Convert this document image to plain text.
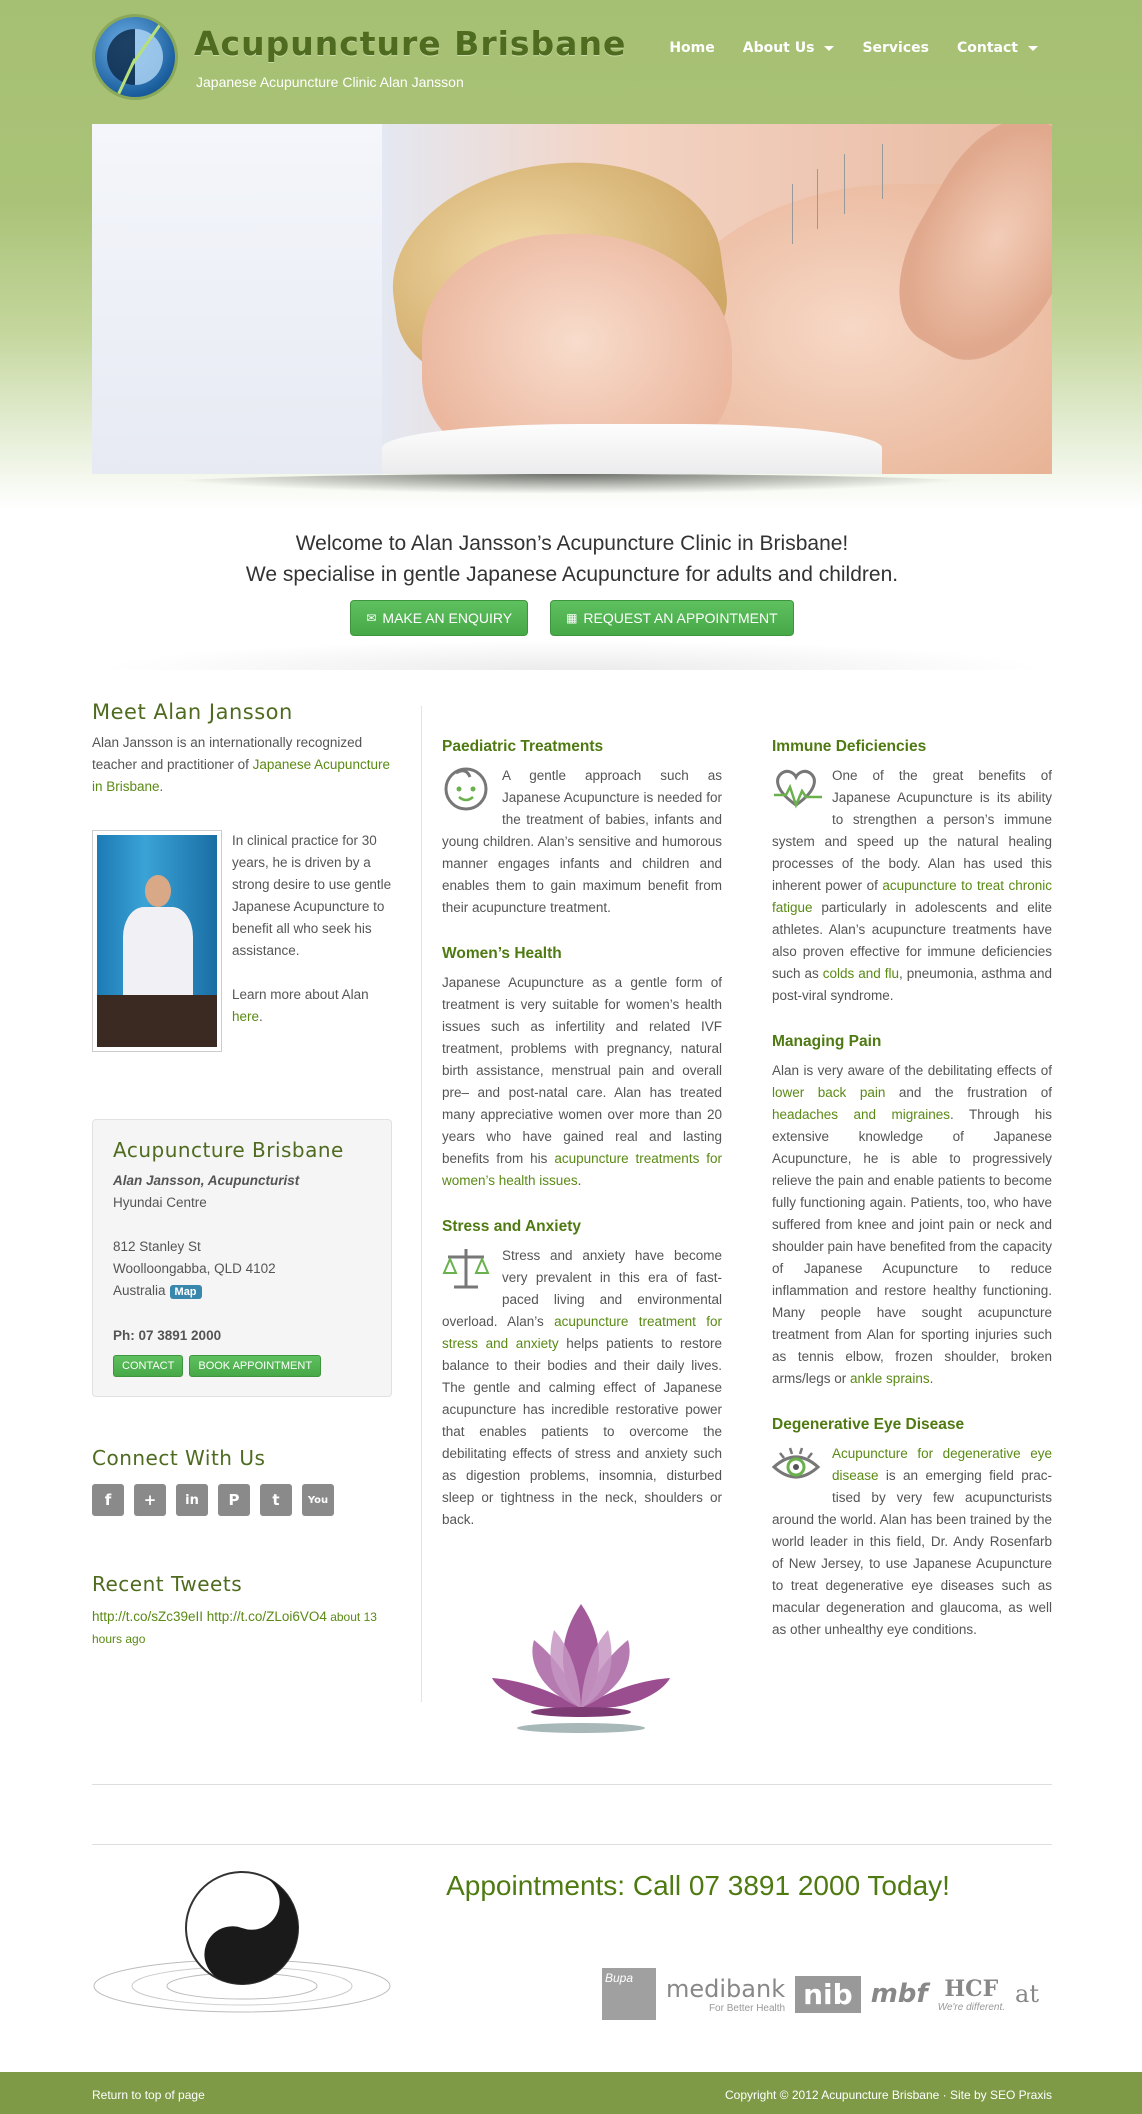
Acupuncture Brisbane
Japanese Acupuncture Clinic Alan Jansson
Home About Us	Services Contact
Welcome to Alan Jansson’s Acupuncture Clinic in Brisbane!
We specialise in gentle Japanese Acupuncture for adults and children.
✉ MAKE AN ENQUIRY	▦ REQUEST AN APPOINTMENT
Meet Alan Jansson
Alan Jansson is an internationally recognized teacher and practitioner of Japanese Acupuncture in Brisbane.
In clinical practice for 30 years, he is driven by a strong desire to use gentle Japanese Acupuncture to benefit all who seek his assistance.
Learn more about Alan here.
Acupuncture Brisbane
Alan Jansson, Acupuncturist
Hyundai Centre
812 Stanley St
Woolloongabba, QLD 4102
Australia Map
Ph: 07 3891 2000
CONTACT	BOOK APPOINTMENT
Connect With Us
f	+	in	P	t	You
Recent Tweets
http://t.co/sZc39eII http://t.co/ZLoi6VO4 about 13 hours ago
Paediatric Treatments
A gentle approach such as Japanese Acupuncture is needed for the treatment of babies, infants and young children. Alan’s sensitive and humorous manner engages infants and children and enables them to gain maximum benefit from their acupuncture treatment.
Women’s Health
Japanese Acupuncture as a gentle form of treatment is very suitable for women’s health issues such as infertility and related IVF treatment, problems with pregnancy, natural birth assistance, menstrual pain and overall pre– and post-natal care. Alan has treated many appreciative women over more than 20 years who have gained real and lasting benefits from his acupuncture treatments for women’s health issues.
Stress and Anxiety
Stress and anxiety have become very prevalent in this era of fast-paced living and environmental overload. Alan’s acupuncture treatment for stress and anxiety helps patients to restore balance to their bodies and their daily lives. The gentle and calming effect of Japanese acupuncture has incredible restorative power that enables patients to overcome the debilitating effects of stress and anxiety such as digestion problems, insomnia, disturbed sleep or tightness in the neck, shoulders or back.
Immune Deficiencies
One of the great benefits of Japanese Acupuncture is its ability to strengthen a person’s immune system and speed up the natural healing processes of the body. Alan has used this inherent power of acupuncture to treat chronic fatigue particularly in adolescents and elite athletes. Alan’s acupuncture treatments have also proven effective for immune deficiencies such as colds and flu, pneumonia, asthma and post-viral syndrome.
Managing Pain
Alan is very aware of the debilitating effects of lower back pain and the frustration of headaches and migraines. Through his extensive knowledge of Japanese Acupuncture, he is able to progressively relieve the pain and enable patients to become fully functioning again. Patients, too, who have suffered from knee and joint pain or neck and shoulder pain have benefited from the capacity of Japanese Acupuncture to reduce inflammation and restore healthy functioning. Many people have sought acupuncture treatment from Alan for sporting injuries such as tennis elbow, frozen shoulder, broken arms/legs or ankle sprains.
Degenerative Eye Disease
Acupuncture for degenerative eye disease is an emerging field practised by very few acupuncturists around the world. Alan has been trained by the world leader in this field, Dr. Andy Rosenfarb of New Jersey, to use Japanese Acupuncture to treat degenerative eye diseases such as macular degeneration and glaucoma, as well as other unhealthy eye conditions.
Appointments: Call 07 3891 2000 Today!
Bupa	medibank
For Better Health nib mbf HCF
We're different. at
Return to top of page	Copyright © 2012 Acupuncture Brisbane · Site by SEO Praxis
